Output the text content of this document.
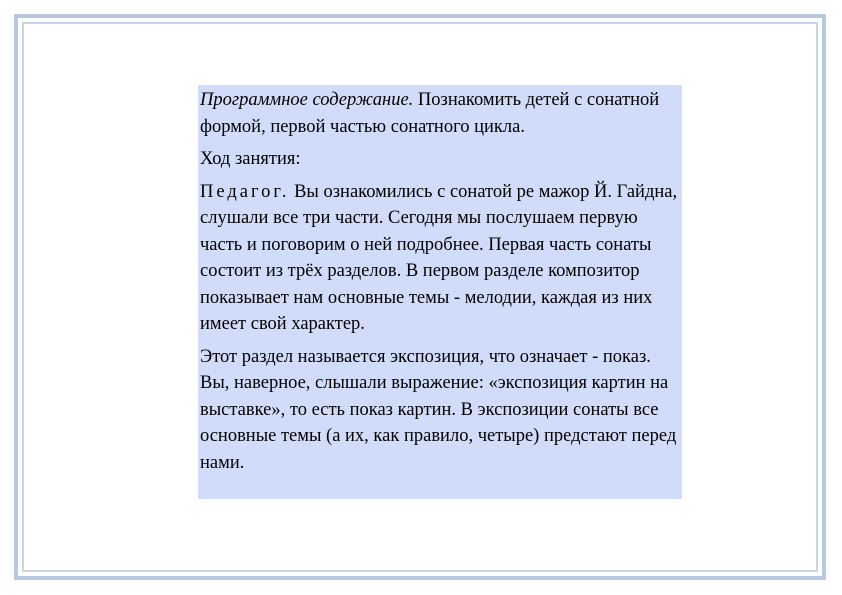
Программное содержание. Познакомить детей с сонатной формой, первой частью сонатного цикла.

Ход занятия:

Педагог. Вы ознакомились с сонатой ре мажор Й. Гайдна, слушали все три части. Сегодня мы послушаем первую часть и поговорим о ней подробнее. Первая часть сонаты состоит из трёх разделов. В первом разделе композитор показывает нам основные темы - мелодии, каждая из них имеет свой характер.

Этот раздел называется экспозиция, что означает - показ. Вы, наверное, слышали выражение: «экспозиция картин на выставке», то есть показ картин. В экспозиции сонаты все основные темы (а их, как правило, четыре) предстают перед нами.
